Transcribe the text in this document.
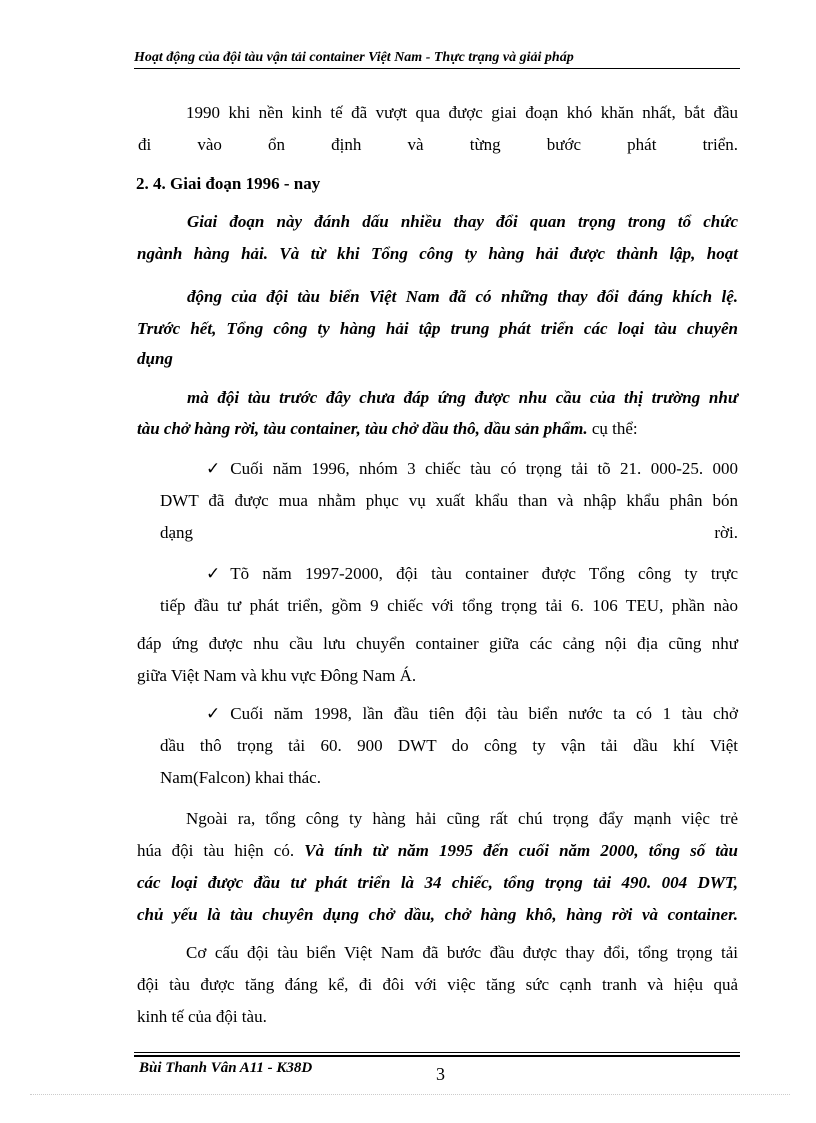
Hoạt động của đội tàu vận tải container Việt Nam - Thực trạng và giải pháp
1990 khi nền kinh tế đã vượt qua được giai đoạn khó khăn nhất, bắt đầu
đi vào ổn định và từng bước phát triển.
2. 4. Giai đoạn 1996 - nay
Giai đoạn này đánh dấu nhiều thay đổi quan trọng trong tổ chức
ngành hàng hải. Và từ khi Tổng công ty hàng hải được thành lập, hoạt
động của đội tàu biển Việt Nam đã có những thay đổi đáng khích lệ.
Trước hết, Tổng công ty hàng hải tập trung phát triển các loại tàu chuyên
dụng
mà đội tàu trước đây chưa đáp ứng được nhu cầu của thị trường như
tàu chở hàng rời, tàu container, tàu chở dầu thô, dầu sản phẩm. cụ thể:
✓ Cuối năm 1996, nhóm 3 chiếc tàu có trọng tải tõ 21. 000-25. 000
DWT đã được mua nhằm phục vụ xuất khẩu than và nhập khẩu phân bón
dạng rời.
✓ Tõ năm 1997-2000, đội tàu container được Tổng công ty trực
tiếp đầu tư phát triển, gồm 9 chiếc với tổng trọng tải 6. 106 TEU, phần nào
đáp ứng được nhu cầu lưu chuyển container giữa các cảng nội địa cũng như
giữa Việt Nam và khu vực Đông Nam Á.
✓ Cuối năm 1998, lần đầu tiên đội tàu biển nước ta có 1 tàu chở
dầu thô trọng tải 60. 900 DWT do công ty vận tải dầu khí Việt
Nam(Falcon) khai thác.
Ngoài ra, tổng công ty hàng hải cũng rất chú trọng đẩy mạnh việc trẻ
húa đội tàu hiện có. Và tính từ năm 1995 đến cuối năm 2000, tổng số tàu
các loại được đầu tư phát triển là 34 chiếc, tổng trọng tải 490. 004 DWT,
chủ yếu là tàu chuyên dụng chở dầu, chở hàng khô, hàng rời và container.
Cơ cấu đội tàu biển Việt Nam đã bước đầu được thay đổi, tổng trọng tải
đội tàu được tăng đáng kể, đi đôi với việc tăng sức cạnh tranh và hiệu quả
kinh tế của đội tàu.
Bùi Thanh Vân A11 - K38D	3
